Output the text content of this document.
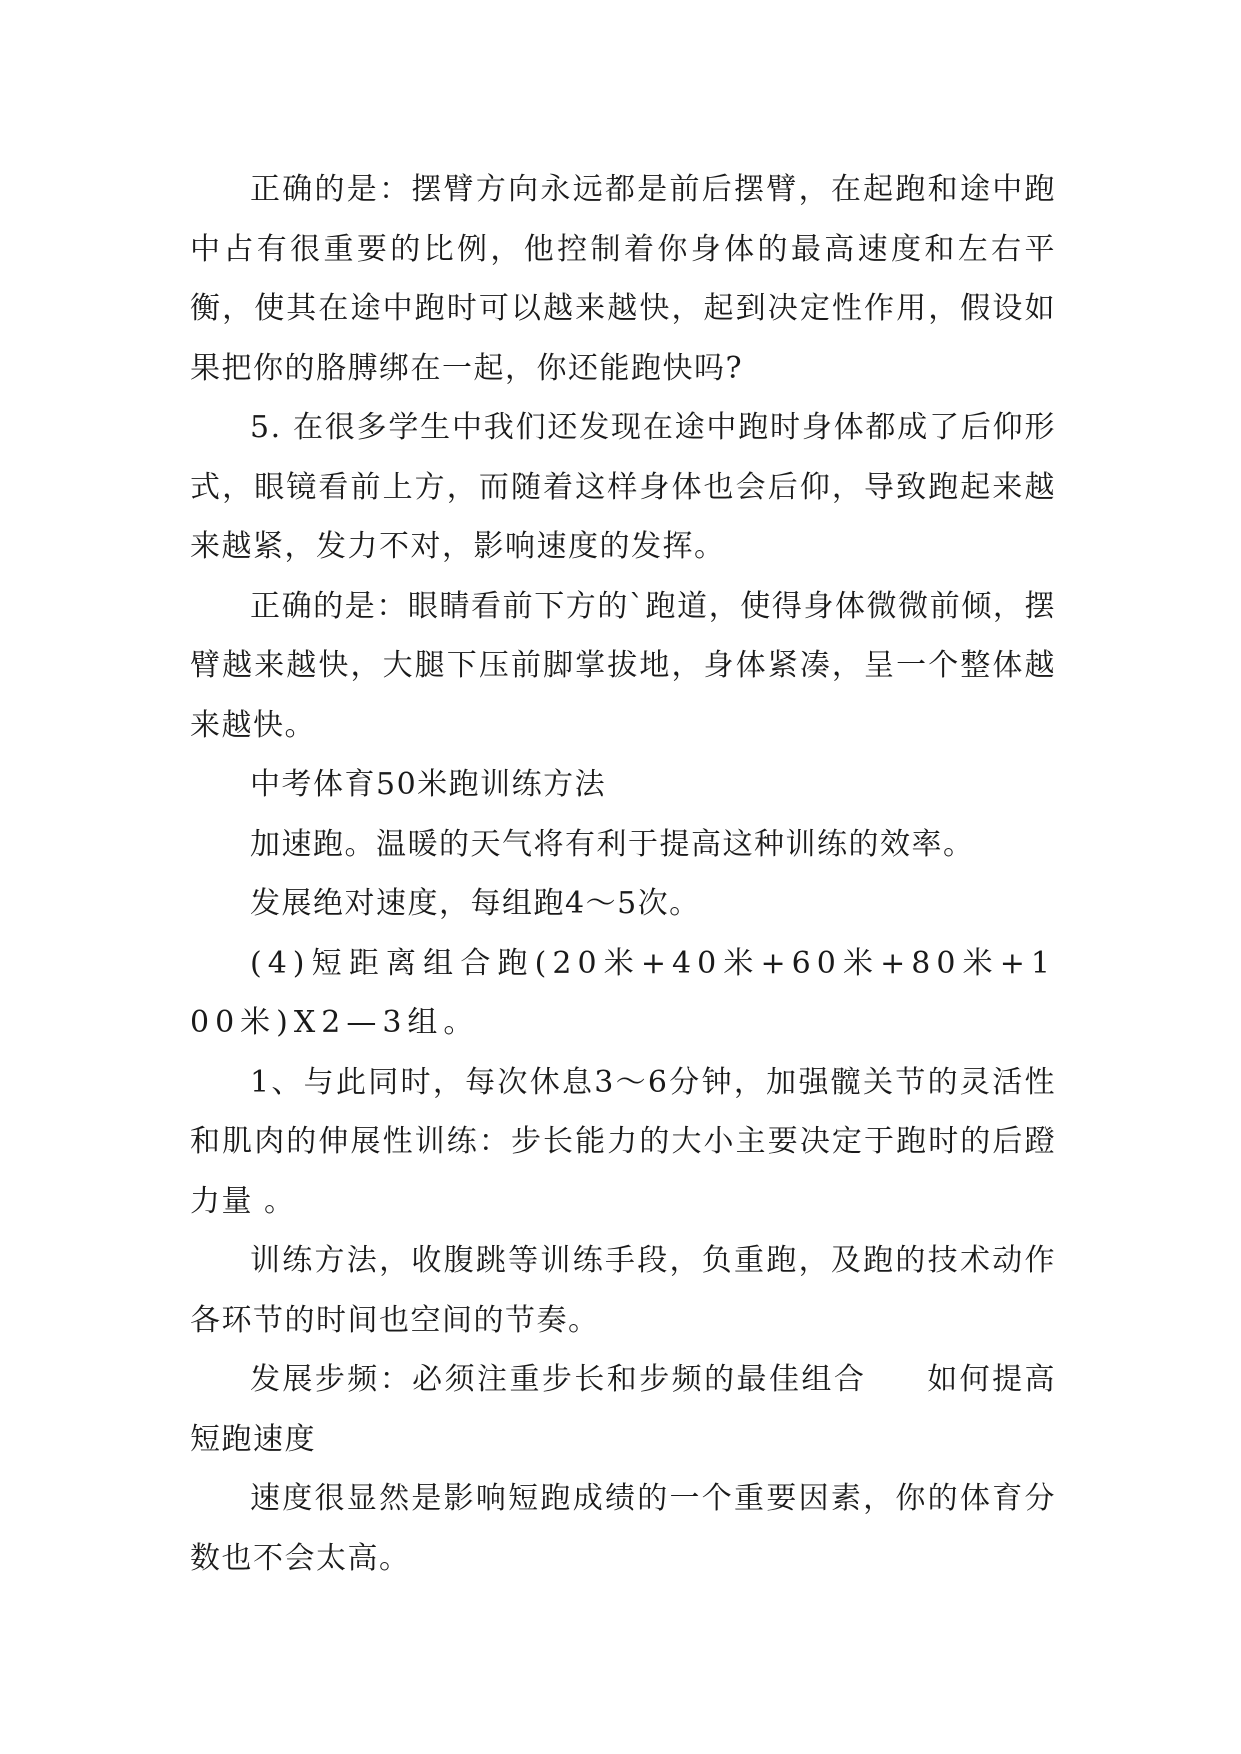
正确的是：摆臂方向永远都是前后摆臂，在起跑和途中跑中占有很重要的比例，他控制着你身体的最高速度和左右平衡，使其在途中跑时可以越来越快，起到决定性作用，假设如果把你的胳膊绑在一起，你还能跑快吗?

5. 在很多学生中我们还发现在途中跑时身体都成了后仰形式，眼镜看前上方，而随着这样身体也会后仰，导致跑起来越来越紧，发力不对，影响速度的发挥。

正确的是：眼睛看前下方的`跑道，使得身体微微前倾，摆臂越来越快，大腿下压前脚掌拔地，身体紧凑，呈一个整体越来越快。

中考体育50米跑训练方法

加速跑。温暖的天气将有利于提高这种训练的效率。

发展绝对速度，每组跑4～5次。

(4)短距离组合跑(20米+40米+60米+80米+100米)X2—3组。

1、与此同时，每次休息3～6分钟，加强髋关节的灵活性和肌肉的伸展性训练：步长能力的大小主要决定于跑时的后蹬力量 。

训练方法，收腹跳等训练手段，负重跑，及跑的技术动作各环节的时间也空间的节奏。

发展步频：必须注重步长和步频的最佳组合 如何提高短跑速度

速度很显然是影响短跑成绩的一个重要因素，你的体育分数也不会太高。
